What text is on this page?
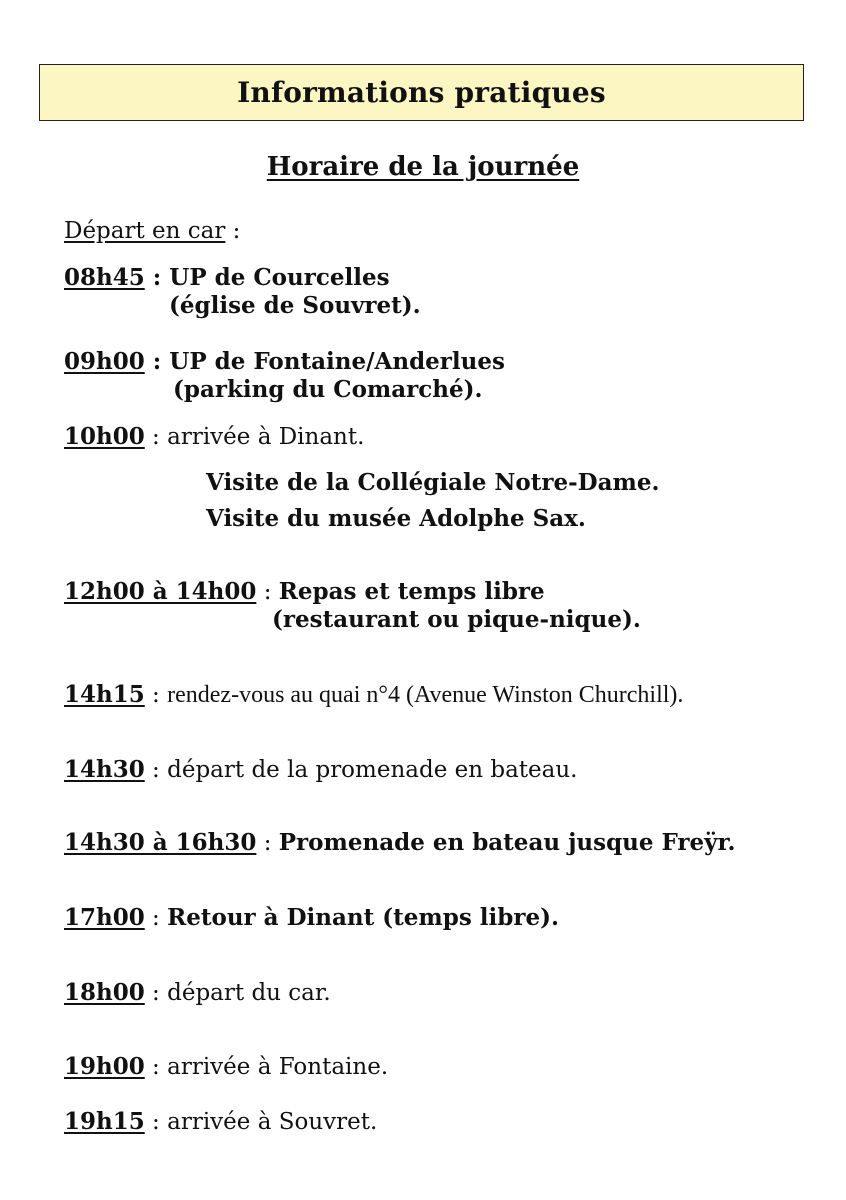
Informations pratiques
Horaire de la journée
Départ en car :
08h45 : UP de Courcelles
(église de Souvret).
09h00 : UP de Fontaine/Anderlues
(parking du Comarché).
10h00 : arrivée à Dinant.
Visite de la Collégiale Notre-Dame.
Visite du musée Adolphe Sax.
12h00 à 14h00 : Repas et temps libre
(restaurant ou pique-nique).
14h15 : rendez-vous au quai n°4 (Avenue Winston Churchill).
14h30 : départ de la promenade en bateau.
14h30 à 16h30 : Promenade en bateau jusque Freÿr.
17h00 : Retour à Dinant (temps libre).
18h00 : départ du car.
19h00 : arrivée à Fontaine.
19h15 : arrivée à Souvret.
